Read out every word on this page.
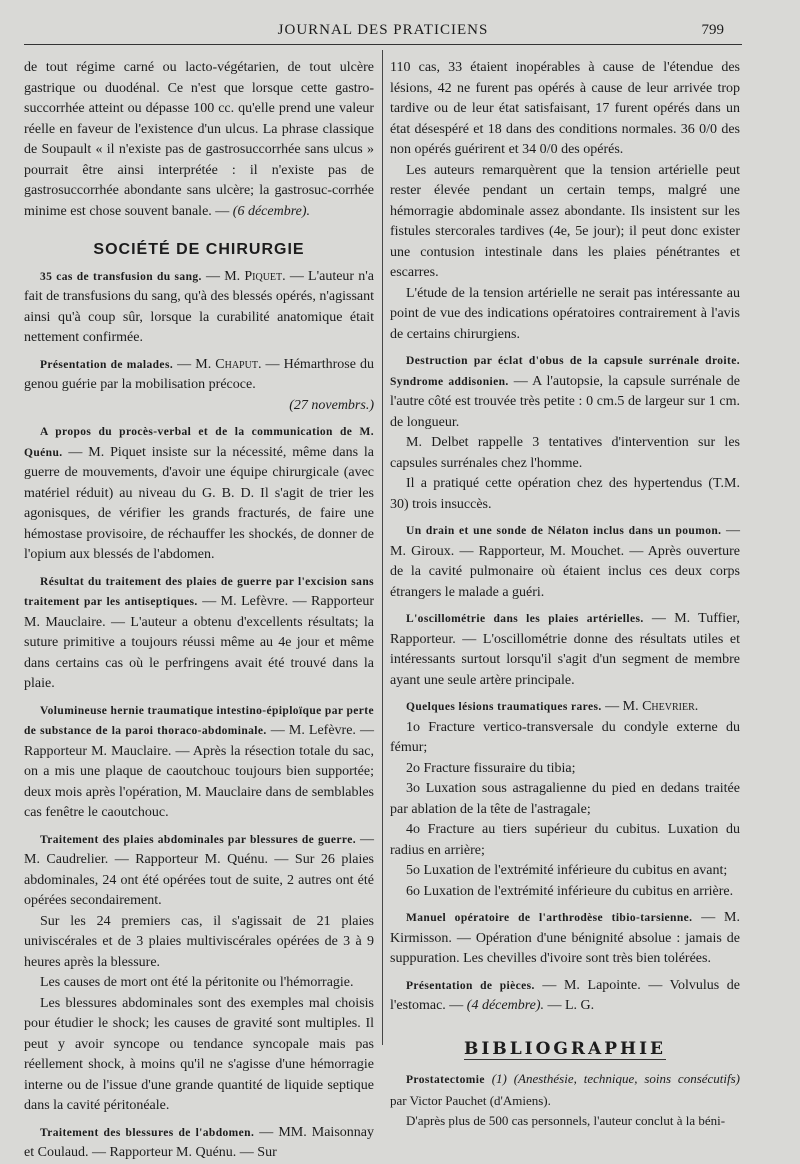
JOURNAL DES PRATICIENS	799

de tout régime carné ou lacto-végétarien, de tout ulcère gastrique ou duodénal. Ce n'est que lorsque cette gastro-succorrhée atteint ou dépasse 100 cc. qu'elle prend une valeur réelle en faveur de l'existence d'un ulcus. La phrase classique de Soupault « il n'existe pas de gastrosuccorrhée sans ulcus » pourrait être ainsi interprétée : il n'existe pas de gastrosuccorrhée abondante sans ulcère; la gastrosuc-corrhée minime est chose souvent banale. — (6 décembre).

SOCIÉTÉ DE CHIRURGIE

35 cas de transfusion du sang. — M. Piquet. — L'auteur n'a fait de transfusions du sang, qu'à des blessés opérés, n'agissant ainsi qu'à coup sûr, lorsque la curabilité anatomique était nettement confirmée.

Présentation de malades. — M. Chaput. — Hémarthrose du genou guérie par la mobilisation précoce.

(27 novembrs.)

A propos du procès-verbal et de la communication de M. Quénu. — M. Piquet insiste sur la nécessité, même dans la guerre de mouvements, d'avoir une équipe chirurgicale (avec matériel réduit) au niveau du G. B. D. Il s'agit de trier les agonisques, de vérifier les grands fracturés, de faire une hémostase provisoire, de réchauffer les shockés, de donner de l'opium aux blessés de l'abdomen.

Résultat du traitement des plaies de guerre par l'excision sans traitement par les antiseptiques. — M. Lefèvre. — Rapporteur M. Mauclaire. — L'auteur a obtenu d'excellents résultats; la suture primitive a toujours réussi même au 4e jour et même dans certains cas où le perfringens avait été trouvé dans la plaie.

Volumineuse hernie traumatique intestino-épiploïque par perte de substance de la paroi thoraco-abdominale. — M. Lefèvre. — Rapporteur M. Mauclaire. — Après la résection totale du sac, on a mis une plaque de caoutchouc toujours bien supportée; deux mois après l'opération, M. Mauclaire dans de semblables cas fenêtre le caoutchouc.

Traitement des plaies abdominales par blessures de guerre. — M. Caudrelier. — Rapporteur M. Quénu. — Sur 26 plaies abdominales, 24 ont été opérées tout de suite, 2 autres ont été opérées secondairement.

Sur les 24 premiers cas, il s'agissait de 21 plaies univiscérales et de 3 plaies multiviscérales opérées de 3 à 9 heures après la blessure.

Les causes de mort ont été la péritonite ou l'hémorragie.

Les blessures abdominales sont des exemples mal choisis pour étudier le shock; les causes de gravité sont multiples. Il peut y avoir syncope ou tendance syncopale mais pas réellement shock, à moins qu'il ne s'agisse d'une hémorragie interne ou de l'issue d'une grande quantité de liquide septique dans la cavité péritonéale.

Traitement des blessures de l'abdomen. — MM. Maisonnay et Coulaud. — Rapporteur M. Quénu. — Sur

110 cas, 33 étaient inopérables à cause de l'étendue des lésions, 42 ne furent pas opérés à cause de leur arrivée trop tardive ou de leur état satisfaisant, 17 furent opérés dans un état désespéré et 18 dans des conditions normales. 36 0/0 des non opérés guérirent et 34 0/0 des opérés.

Les auteurs remarquèrent que la tension artérielle peut rester élevée pendant un certain temps, malgré une hémorragie abdominale assez abondante. Ils insistent sur les fistules stercorales tardives (4e, 5e jour); il peut donc exister une contusion intestinale dans les plaies pénétrantes et escarres.

L'étude de la tension artérielle ne serait pas intéressante au point de vue des indications opératoires contrairement à l'avis de certains chirurgiens.

Destruction par éclat d'obus de la capsule surrénale droite. Syndrome addisonien. — A l'autopsie, la capsule surrénale de l'autre côté est trouvée très petite : 0 cm.5 de largeur sur 1 cm. de longueur.

M. Delbet rappelle 3 tentatives d'intervention sur les capsules surrénales chez l'homme.

Il a pratiqué cette opération chez des hypertendus (T.M. 30) trois insuccès.

Un drain et une sonde de Nélaton inclus dans un poumon. — M. Giroux. — Rapporteur, M. Mouchet. — Après ouverture de la cavité pulmonaire où étaient inclus ces deux corps étrangers le malade a guéri.

L'oscillométrie dans les plaies artérielles. — M. Tuffier, Rapporteur. — L'oscillométrie donne des résultats utiles et intéressants surtout lorsqu'il s'agit d'un segment de membre ayant une seule artère principale.

Quelques lésions traumatiques rares. — M. Chevrier.

1o Fracture vertico-transversale du condyle externe du fémur;

2o Fracture fissuraire du tibia;

3o Luxation sous astragalienne du pied en dedans traitée par ablation de la tête de l'astragale;

4o Fracture au tiers supérieur du cubitus. Luxation du radius en arrière;

5o Luxation de l'extrémité inférieure du cubitus en avant;

6o Luxation de l'extrémité inférieure du cubitus en arrière.

Manuel opératoire de l'arthrodèse tibio-tarsienne. — M. Kirmisson. — Opération d'une bénignité absolue : jamais de suppuration. Les chevilles d'ivoire sont très bien tolérées.

Présentation de pièces. — M. Lapointe. — Volvulus de l'estomac. — (4 décembre). — L. G.

BIBLIOGRAPHIE

Prostatectomie (1) (Anesthésie, technique, soins consécutifs) par Victor Pauchet (d'Amiens).

D'après plus de 500 cas personnels, l'auteur conclut à la béni-
